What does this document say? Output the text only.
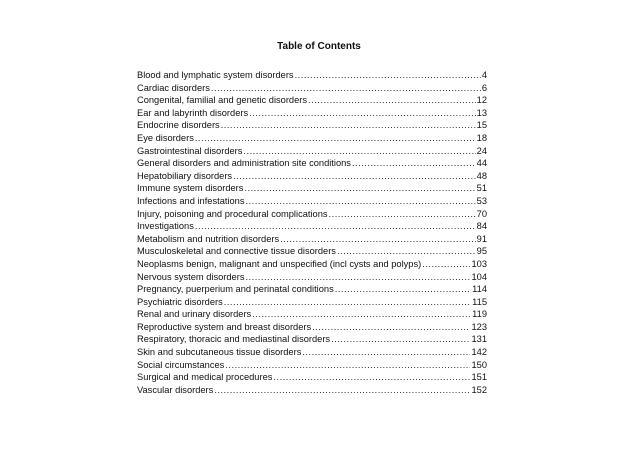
Table of Contents
Blood and lymphatic system disorders .....	4
Cardiac disorders .....	6
Congenital, familial and genetic disorders .....	12
Ear and labyrinth disorders .....	13
Endocrine disorders .....	15
Eye disorders .....	18
Gastrointestinal disorders .....	24
General disorders and administration site conditions .....	44
Hepatobiliary disorders .....	48
Immune system disorders .....	51
Infections and infestations .....	53
Injury, poisoning and procedural complications .....	70
Investigations .....	84
Metabolism and nutrition disorders .....	91
Musculoskeletal and connective tissue disorders .....	95
Neoplasms benign, malignant and unspecified (incl cysts and polyps) .....	103
Nervous system disorders .....	104
Pregnancy, puerperium and perinatal conditions .....	114
Psychiatric disorders .....	115
Renal and urinary disorders .....	119
Reproductive system and breast disorders .....	123
Respiratory, thoracic and mediastinal disorders .....	131
Skin and subcutaneous tissue disorders .....	142
Social circumstances .....	150
Surgical and medical procedures .....	151
Vascular disorders .....	152
